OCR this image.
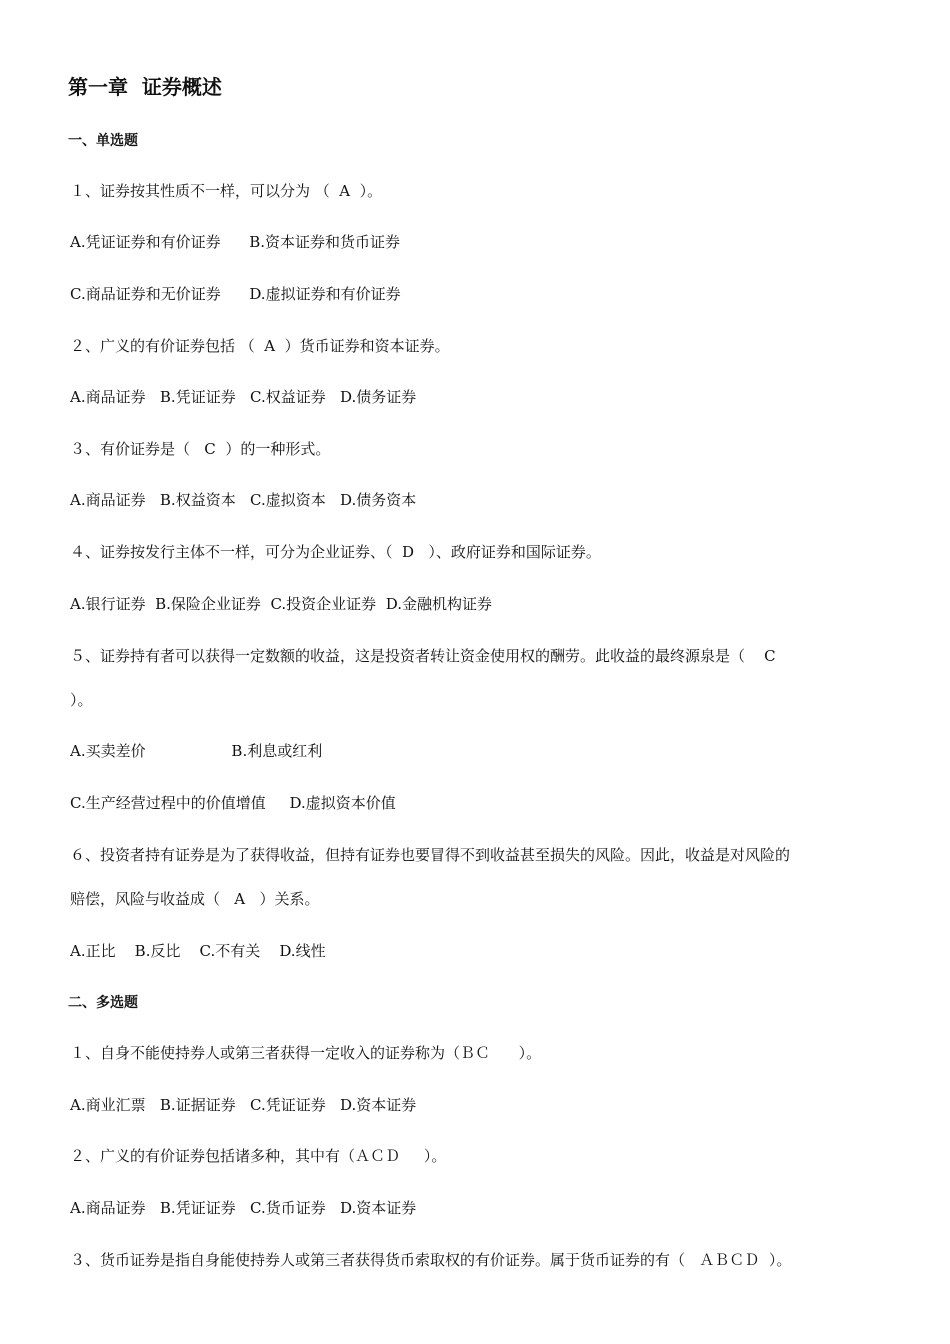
第一章  证券概述
一、单选题
１、证券按其性质不一样，可以分为 （  A  ）。
A.凭证证券和有价证券      B.资本证券和货币证券
C.商品证券和无价证券      D.虚拟证券和有价证券
２、广义的有价证券包括 （  A  ）货币证券和资本证券。
A.商品证券   B.凭证证券   C.权益证券   D.债务证券
３、有价证券是（   C  ）的一种形式。
A.商品证券   B.权益资本   C.虚拟资本   D.债务资本
４、证券按发行主体不一样，可分为企业证券、（  D   ）、政府证券和国际证券。
A.银行证券  B.保险企业证券  C.投资企业证券  D.金融机构证券
５、证券持有者可以获得一定数额的收益，这是投资者转让资金使用权的酬劳。此收益的最终源泉是（    C
）。
A.买卖差价                  B.利息或红利
C.生产经营过程中的价值增值     D.虚拟资本价值
６、投资者持有证券是为了获得收益，但持有证券也要冒得不到收益甚至损失的风险。因此，收益是对风险的
赔偿，风险与收益成（   A   ）关系。
A.正比    B.反比    C.不有关    D.线性
二、多选题
１、自身不能使持券人或第三者获得一定收入的证券称为（ＢＣ      ）。
A.商业汇票   B.证据证券   C.凭证证券   D.资本证券
２、广义的有价证券包括诸多种，其中有（ＡＣＤ     ）。
A.商品证券   B.凭证证券   C.货币证券   D.资本证券
３、货币证券是指自身能使持券人或第三者获得货币索取权的有价证券。属于货币证券的有（   ＡＢＣＤ  ）。
